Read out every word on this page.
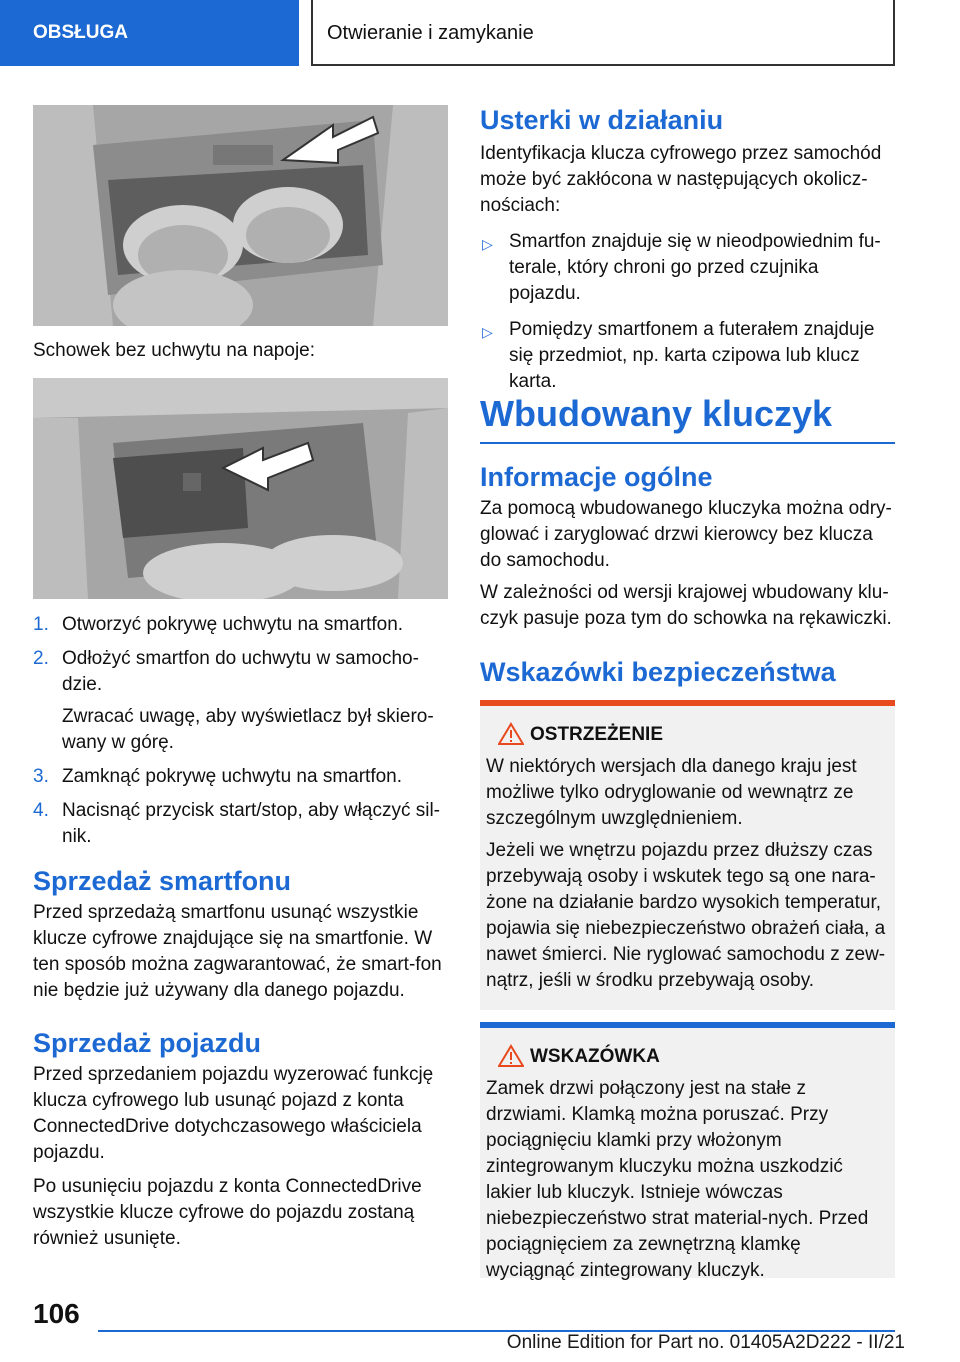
OBSŁUGA	Otwieranie i zamykanie

Schowek bez uchwytu na napoje:

1. Otworzyć pokrywę uchwytu na smartfon.

2. Odłożyć smartfon do uchwytu w samocho-dzie.

Zwracać uwagę, aby wyświetlacz był skiero-wany w górę.

3. Zamknąć pokrywę uchwytu na smartfon.

4. Nacisnąć przycisk start/stop, aby włączyć sil-nik.

Sprzedaż smartfonu

Przed sprzedażą smartfonu usunąć wszystkie klucze cyfrowe znajdujące się na smartfonie. W ten sposób można zagwarantować, że smart-fon nie będzie już używany dla danego pojazdu.

Sprzedaż pojazdu

Przed sprzedaniem pojazdu wyzerować funkcję klucza cyfrowego lub usunąć pojazd z konta ConnectedDrive dotychczasowego właściciela pojazdu.

Po usunięciu pojazdu z konta ConnectedDrive wszystkie klucze cyfrowe do pojazdu zostaną również usunięte.

Usterki w działaniu

Identyfikacja klucza cyfrowego przez samochód może być zakłócona w następujących okolicz-nościach:

▷ Smartfon znajduje się w nieodpowiednim fu-terale, który chroni go przed czujnika pojazdu.

▷ Pomiędzy smartfonem a futerałem znajduje się przedmiot, np. karta czipowa lub klucz karta.

Wbudowany kluczyk
Informacje ogólne

Za pomocą wbudowanego kluczyka można odry-glować i zaryglować drzwi kierowcy bez klucza do samochodu.

W zależności od wersji krajowej wbudowany klu-czyk pasuje poza tym do schowka na rękawiczki.

Wskazówki bezpieczeństwa
OSTRZEŻENIE

W niektórych wersjach dla danego kraju jest możliwe tylko odryglowanie od wewnątrz ze szczególnym uwzględnieniem.

Jeżeli we wnętrzu pojazdu przez dłuższy czas przebywają osoby i wskutek tego są one nara-żone na działanie bardzo wysokich temperatur, pojawia się niebezpieczeństwo obrażeń ciała, a nawet śmierci. Nie ryglować samochodu z zew-nątrz, jeśli w środku przebywają osoby.

WSKAZÓWKA

Zamek drzwi połączony jest na stałe z drzwiami. Klamką można poruszać. Przy pociągnięciu klamki przy włożonym zintegrowanym kluczyku można uszkodzić lakier lub kluczyk. Istnieje wówczas niebezpieczeństwo strat material-nych. Przed pociągnięciem za zewnętrzną klamkę wyciągnąć zintegrowany kluczyk.

106
Online Edition for Part no. 01405A2D222 - II/21
